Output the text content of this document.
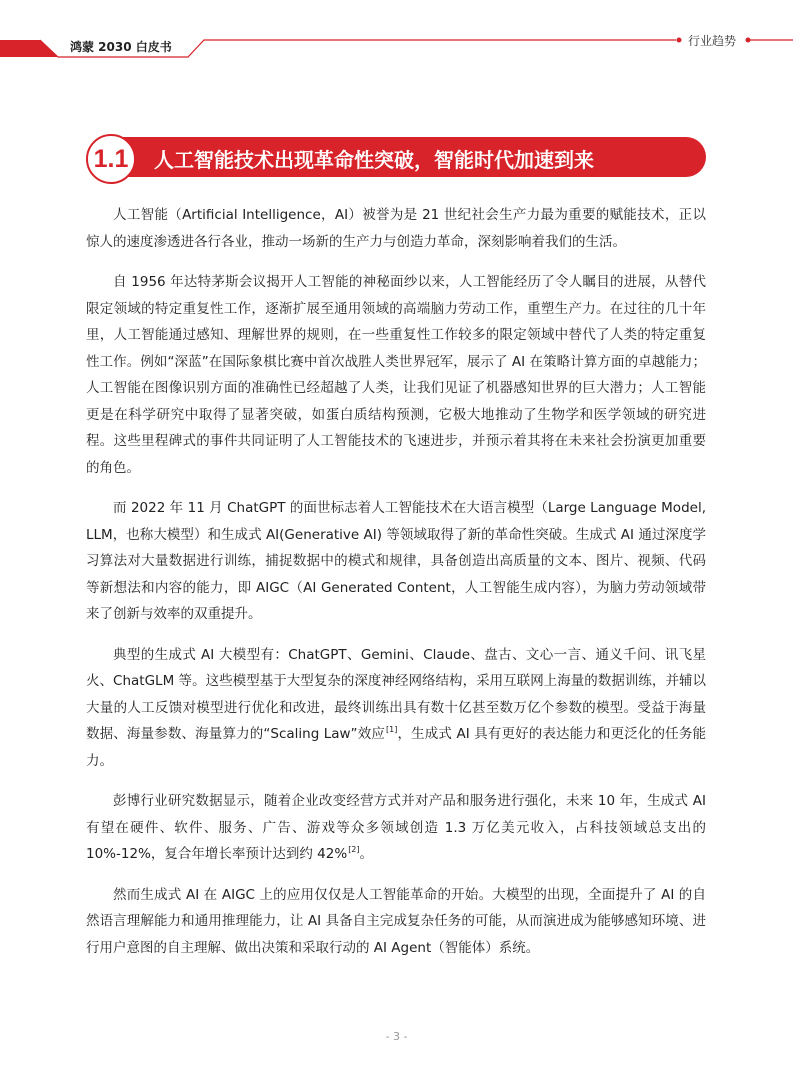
鸿蒙 2030 白皮书	行业趋势
1.1 人工智能技术出现革命性突破，智能时代加速到来

人工智能（Artificial Intelligence，AI）被誉为是 21 世纪社会生产力最为重要的赋能技术，正以惊人的速度渗透进各行各业，推动一场新的生产力与创造力革命，深刻影响着我们的生活。

自 1956 年达特茅斯会议揭开人工智能的神秘面纱以来，人工智能经历了令人瞩目的进展，从替代限定领域的特定重复性工作，逐渐扩展至通用领域的高端脑力劳动工作，重塑生产力。在过往的几十年里，人工智能通过感知、理解世界的规则，在一些重复性工作较多的限定领域中替代了人类的特定重复性工作。例如“深蓝”在国际象棋比赛中首次战胜人类世界冠军，展示了 AI 在策略计算方面的卓越能力；人工智能在图像识别方面的准确性已经超越了人类，让我们见证了机器感知世界的巨大潜力；人工智能更是在科学研究中取得了显著突破，如蛋白质结构预测，它极大地推动了生物学和医学领域的研究进程。这些里程碑式的事件共同证明了人工智能技术的飞速进步，并预示着其将在未来社会扮演更加重要的角色。

而 2022 年 11 月 ChatGPT 的面世标志着人工智能技术在大语言模型（Large Language Model, LLM，也称大模型）和生成式 AI(Generative AI) 等领域取得了新的革命性突破。生成式 AI 通过深度学习算法对大量数据进行训练，捕捉数据中的模式和规律，具备创造出高质量的文本、图片、视频、代码等新想法和内容的能力，即 AIGC（AI Generated Content，人工智能生成内容），为脑力劳动领域带来了创新与效率的双重提升。

典型的生成式 AI 大模型有：ChatGPT、Gemini、Claude、盘古、文心一言、通义千问、讯飞星火、ChatGLM 等。这些模型基于大型复杂的深度神经网络结构，采用互联网上海量的数据训练，并辅以大量的人工反馈对模型进行优化和改进，最终训练出具有数十亿甚至数万亿个参数的模型。受益于海量数据、海量参数、海量算力的“Scaling Law”效应[1]，生成式 AI 具有更好的表达能力和更泛化的任务能力。

彭博行业研究数据显示，随着企业改变经营方式并对产品和服务进行强化，未来 10 年，生成式 AI 有望在硬件、软件、服务、广告、游戏等众多领域创造 1.3 万亿美元收入，占科技领域总支出的 10%-12%，复合年增长率预计达到约 42%[2]。

然而生成式 AI 在 AIGC 上的应用仅仅是人工智能革命的开始。大模型的出现，全面提升了 AI 的自然语言理解能力和通用推理能力，让 AI 具备自主完成复杂任务的可能，从而演进成为能够感知环境、进行用户意图的自主理解、做出决策和采取行动的 AI Agent（智能体）系统。

- 3 -
